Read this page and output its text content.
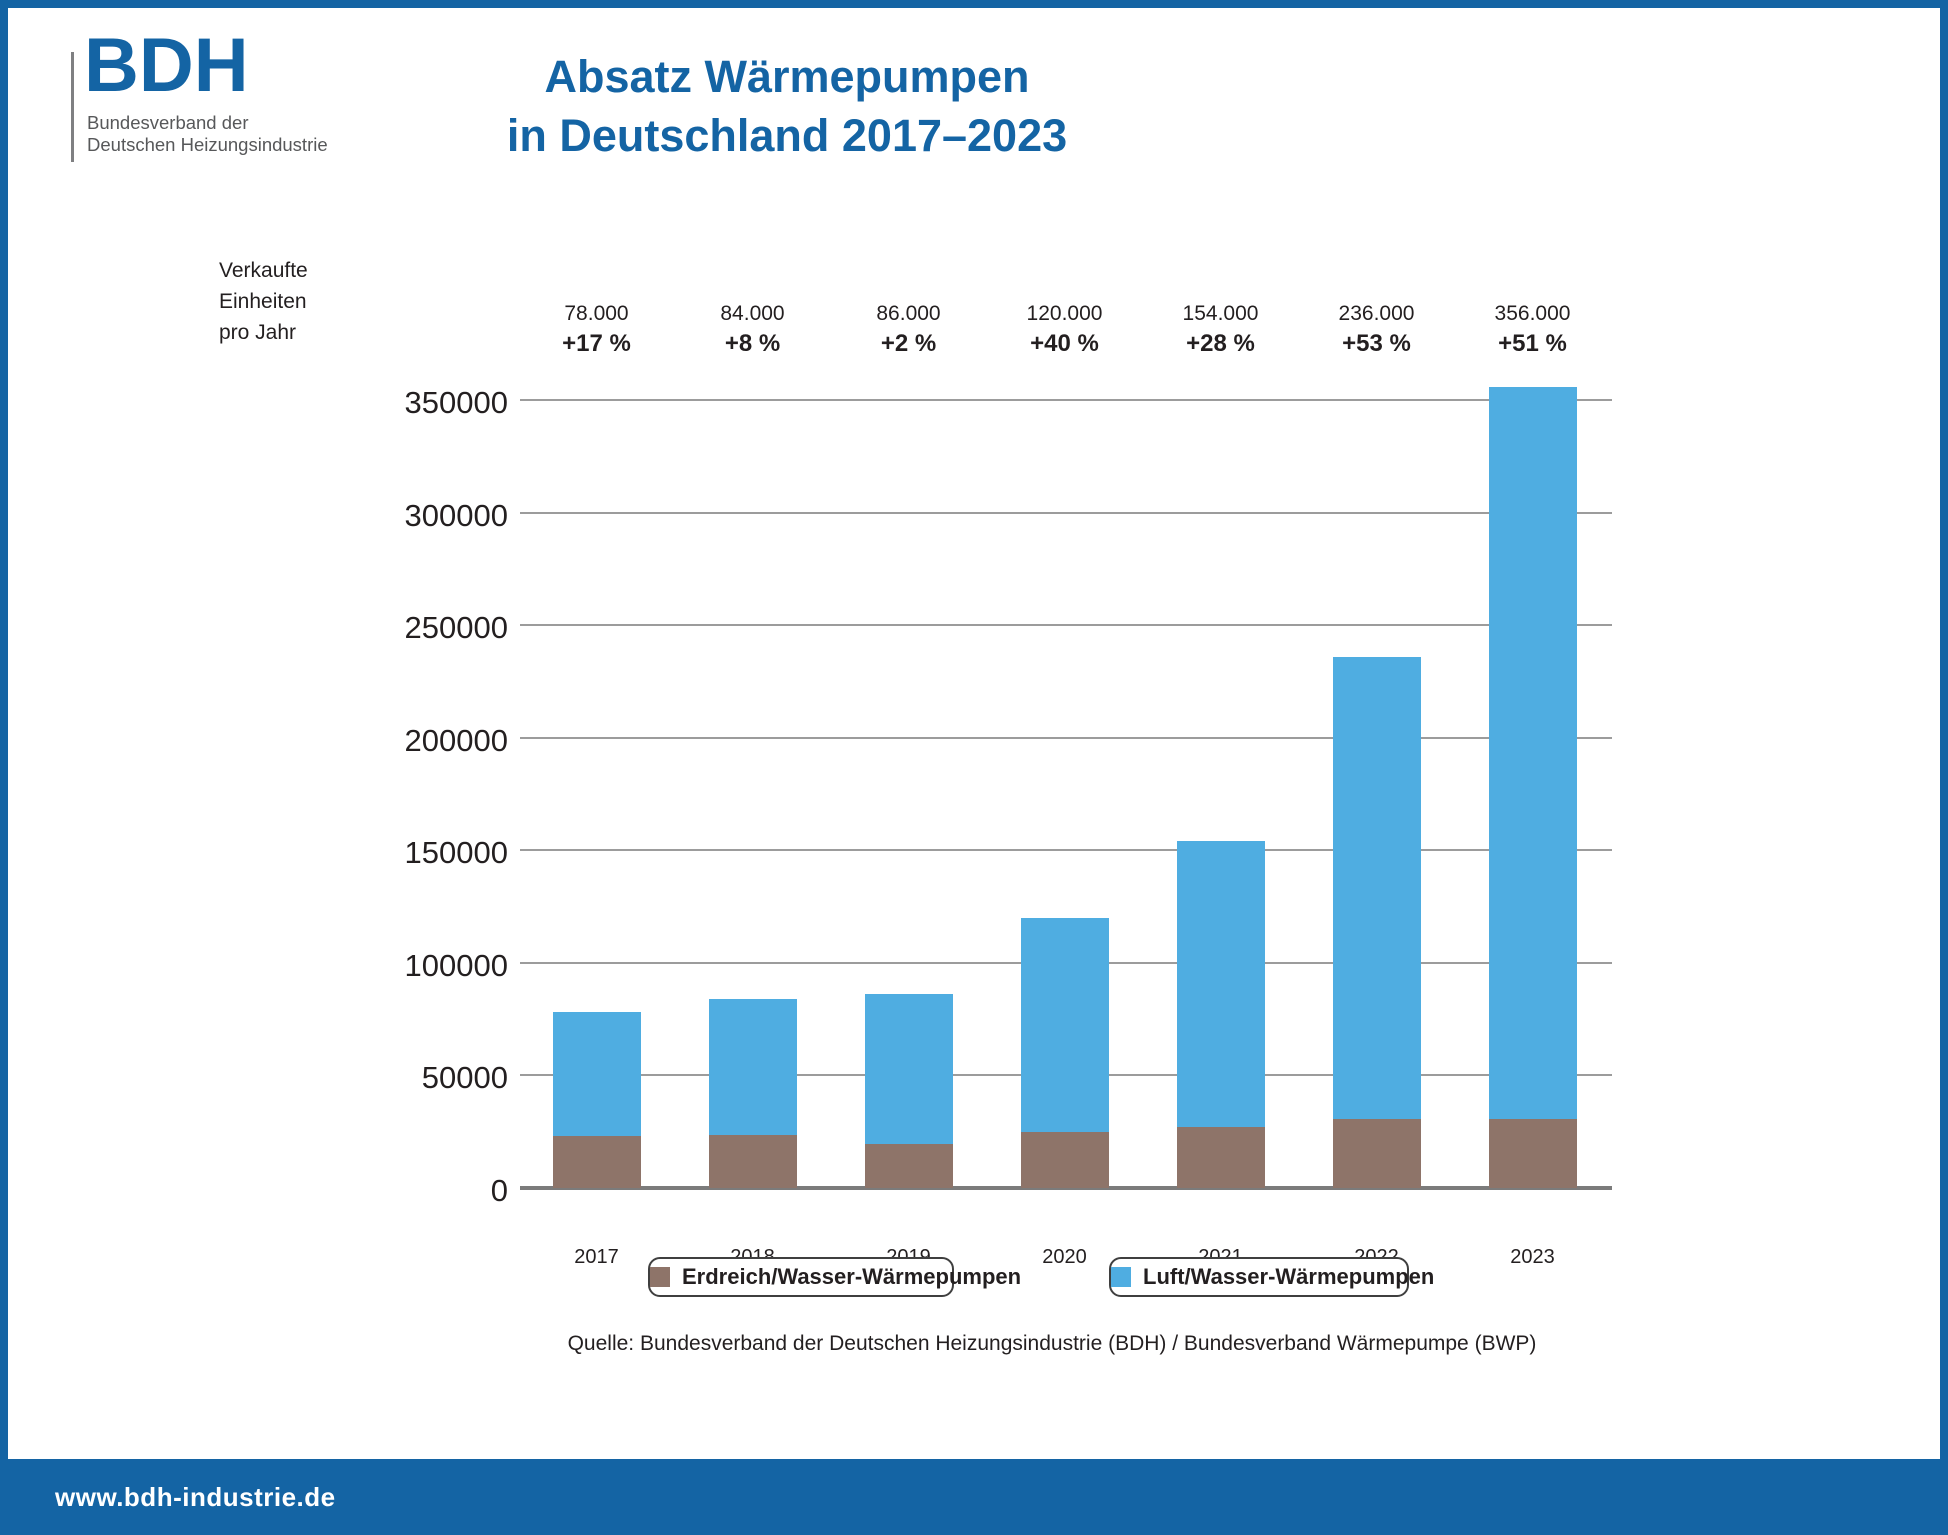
BDH
Bundesverband der
Deutschen Heizungsindustrie
Absatz Wärmepumpen
in Deutschland 2017–2023
Verkaufte Einheiten pro Jahr
0
50000
100000
150000
200000
250000
300000
350000
78.000
+17 %
2017
84.000
+8 %
86.000
+2 %
120.000
+40 %
2020
154.000
+28 %
236.000
+53 %
356.000
+51 %
2023
Erdreich/Wasser-Wärmepumpen	Luft/Wasser-Wärmepumpen
Quelle: Bundesverband der Deutschen Heizungsindustrie (BDH) / Bundesverband Wärmepumpe (BWP)
www.bdh-industrie.de
